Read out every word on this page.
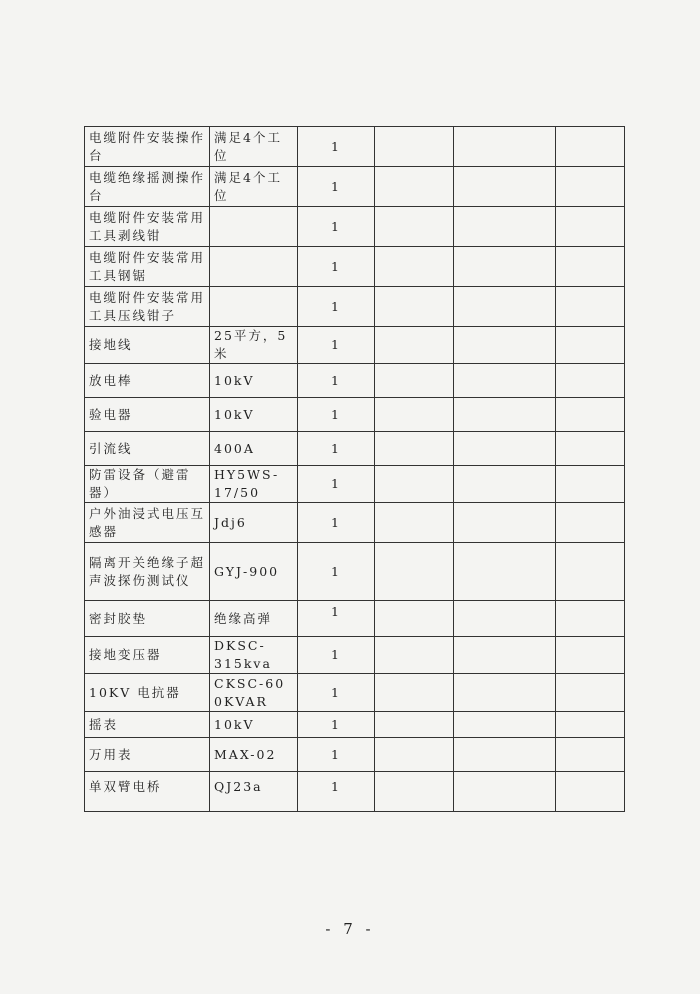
电缆附件安装操作台	满足4个工位	1			
电缆绝缘摇测操作台	满足4个工位	1			
电缆附件安装常用工具剥线钳		1			
电缆附件安装常用工具钢锯		1			
电缆附件安装常用工具压线钳子		1			
接地线	25平方，5米	1			
放电棒	10kV	1			
验电器	10kV	1			
引流线	400A	1			
防雷设备（避雷器）	HY5WS-17/50	1			
户外油浸式电压互感器	Jdj6	1			
隔离开关绝缘子超声波探伤测试仪	GYJ-900	1			
密封胶垫	绝缘高弹	1			
接地变压器	DKSC-315kva	1			
10KV 电抗器	CKSC-600KVAR	1			
摇表	10kV	1			
万用表	MAX-02	1			
单双臂电桥	QJ23a	1			
- 7 -
